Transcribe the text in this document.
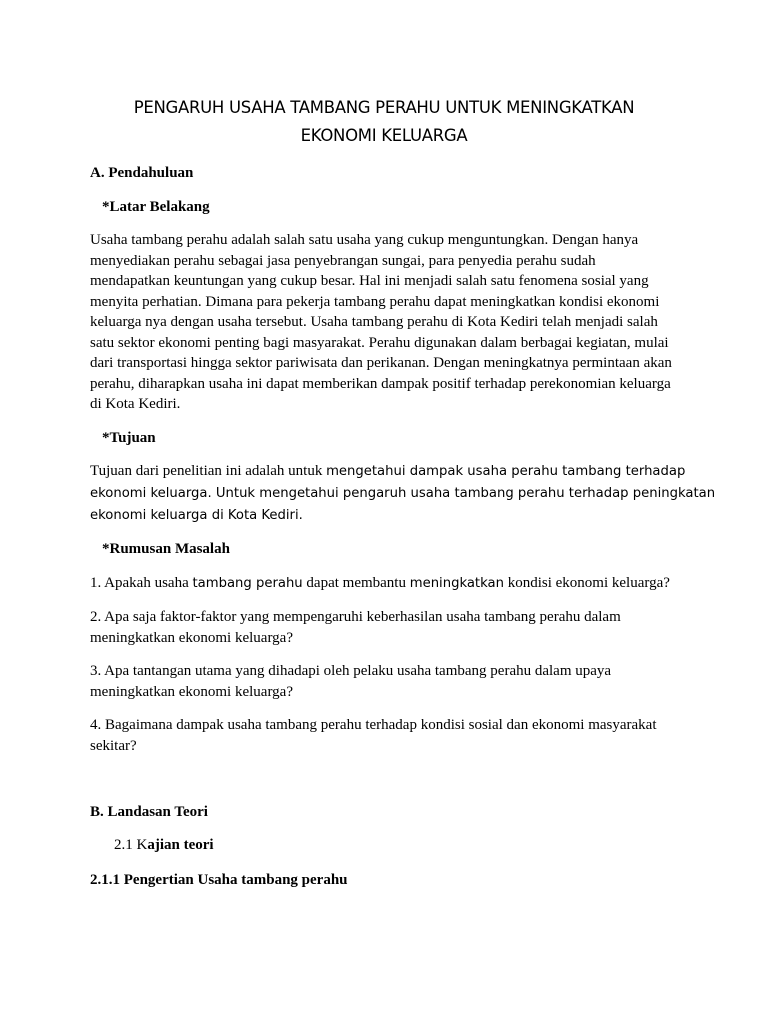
PENGARUH USAHA TAMBANG PERAHU UNTUK MENINGKATKAN
EKONOMI KELUARGA
A. Pendahuluan
*Latar Belakang
Usaha tambang perahu adalah salah satu usaha yang cukup menguntungkan. Dengan hanya
menyediakan perahu sebagai jasa penyebrangan sungai, para penyedia perahu sudah
mendapatkan keuntungan yang cukup besar. Hal ini menjadi salah satu fenomena sosial yang
menyita perhatian. Dimana para pekerja tambang perahu dapat meningkatkan kondisi ekonomi
keluarga nya dengan usaha tersebut. Usaha tambang perahu di Kota Kediri telah menjadi salah
satu sektor ekonomi penting bagi masyarakat. Perahu digunakan dalam berbagai kegiatan, mulai
dari transportasi hingga sektor pariwisata dan perikanan. Dengan meningkatnya permintaan akan
perahu, diharapkan usaha ini dapat memberikan dampak positif terhadap perekonomian keluarga
di Kota Kediri.
*Tujuan
Tujuan dari penelitian ini adalah untuk mengetahui dampak usaha perahu tambang terhadap
ekonomi keluarga. Untuk mengetahui pengaruh usaha tambang perahu terhadap peningkatan
ekonomi keluarga di Kota Kediri.
*Rumusan Masalah
1. Apakah usaha tambang perahu dapat membantu meningkatkan kondisi ekonomi keluarga?
2. Apa saja faktor-faktor yang mempengaruhi keberhasilan usaha tambang perahu dalam
meningkatkan ekonomi keluarga?
3. Apa tantangan utama yang dihadapi oleh pelaku usaha tambang perahu dalam upaya
meningkatkan ekonomi keluarga?
4. Bagaimana dampak usaha tambang perahu terhadap kondisi sosial dan ekonomi masyarakat
sekitar?
B. Landasan Teori
2.1 Kajian teori
2.1.1 Pengertian Usaha tambang perahu
